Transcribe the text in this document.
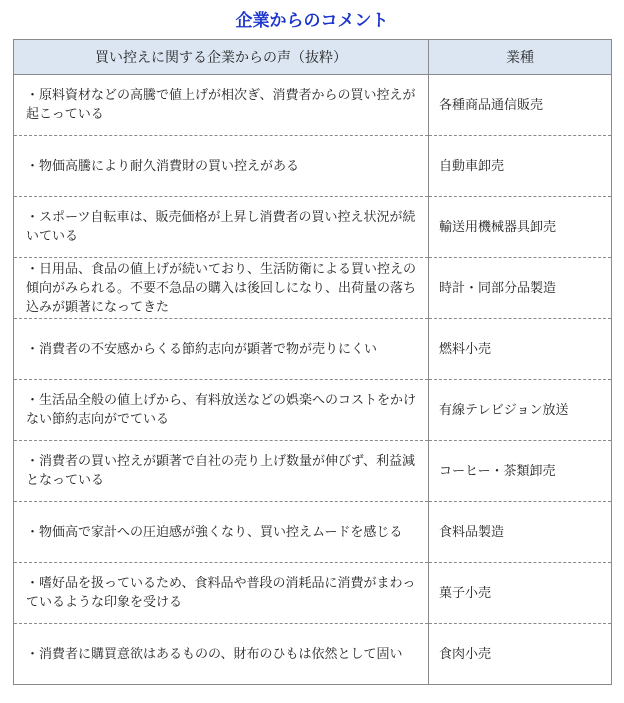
企業からのコメント
買い控えに関する企業からの声（抜粋）	業種
・原料資材などの高騰で値上げが相次ぎ、消費者からの買い控えが起こっている	各種商品通信販売
・物価高騰により耐久消費財の買い控えがある	自動車卸売
・スポーツ自転車は、販売価格が上昇し消費者の買い控え状況が続いている	輸送用機械器具卸売
・日用品、食品の値上げが続いており、生活防衛による買い控えの傾向がみられる。不要不急品の購入は後回しになり、出荷量の落ち込みが顕著になってきた	時計・同部分品製造
・消費者の不安感からくる節約志向が顕著で物が売りにくい	燃料小売
・生活品全般の値上げから、有料放送などの娯楽へのコストをかけない節約志向がでている	有線テレビジョン放送
・消費者の買い控えが顕著で自社の売り上げ数量が伸びず、利益減となっている	コーヒー・茶類卸売
・物価高で家計への圧迫感が強くなり、買い控えムードを感じる	食料品製造
・嗜好品を扱っているため、食料品や普段の消耗品に消費がまわっているような印象を受ける	菓子小売
・消費者に購買意欲はあるものの、財布のひもは依然として固い	食肉小売
